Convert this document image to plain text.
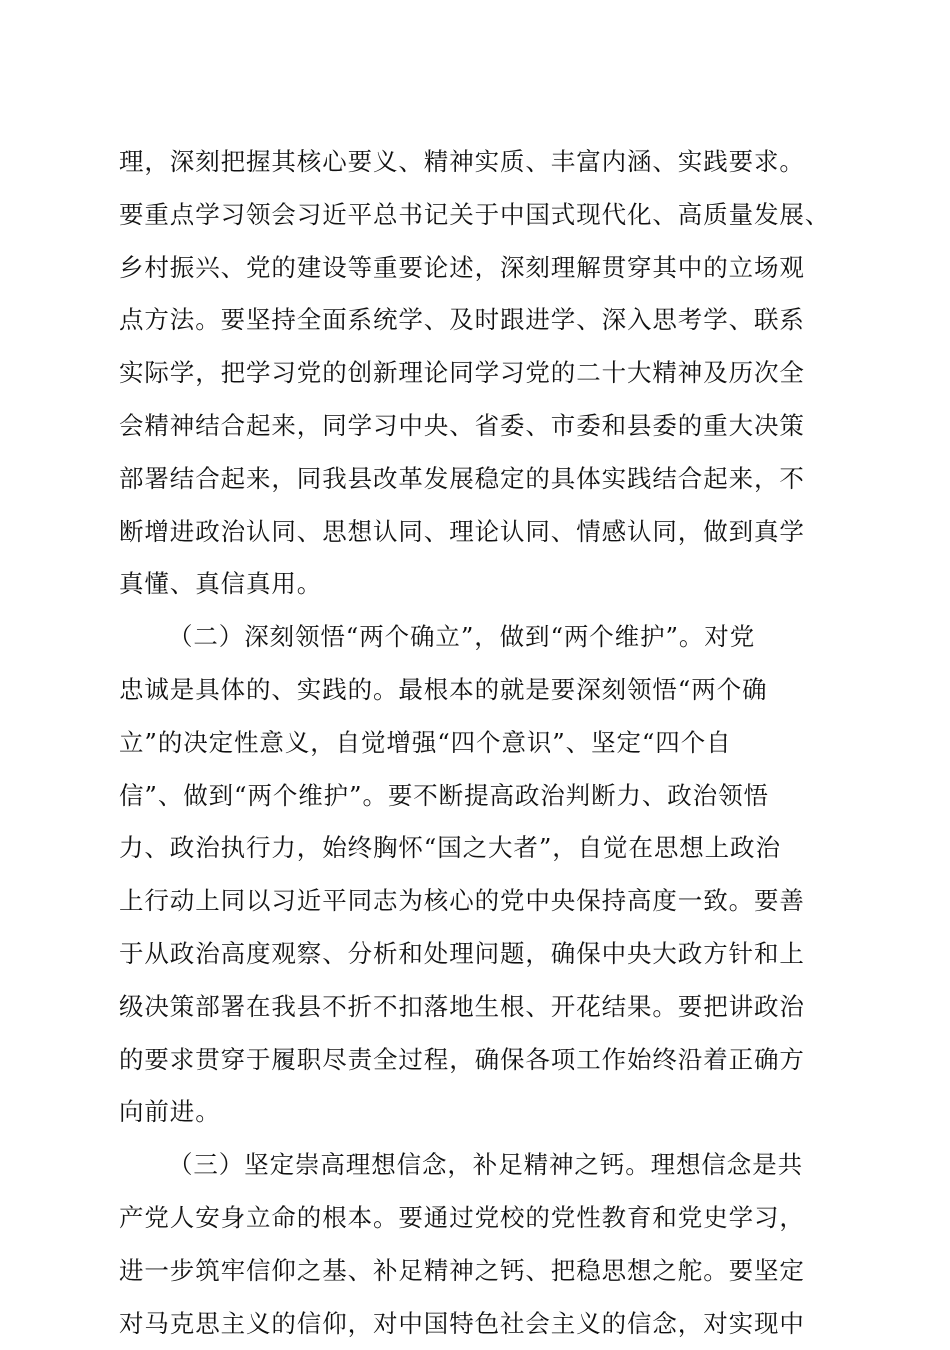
理，深刻把握其核心要义、精神实质、丰富内涵、实践要求。
要重点学习领会习近平总书记关于中国式现代化、高质量发展、
乡村振兴、党的建设等重要论述，深刻理解贯穿其中的立场观
点方法。要坚持全面系统学、及时跟进学、深入思考学、联系
实际学，把学习党的创新理论同学习党的二十大精神及历次全
会精神结合起来，同学习中央、省委、市委和县委的重大决策
部署结合起来，同我县改革发展稳定的具体实践结合起来，不
断增进政治认同、思想认同、理论认同、情感认同，做到真学
真懂、真信真用。
（二）深刻领悟“两个确立”，做到“两个维护”。对党
忠诚是具体的、实践的。最根本的就是要深刻领悟“两个确
立”的决定性意义，自觉增强“四个意识”、坚定“四个自
信”、做到“两个维护”。要不断提高政治判断力、政治领悟
力、政治执行力，始终胸怀“国之大者”，自觉在思想上政治
上行动上同以习近平同志为核心的党中央保持高度一致。要善
于从政治高度观察、分析和处理问题，确保中央大政方针和上
级决策部署在我县不折不扣落地生根、开花结果。要把讲政治
的要求贯穿于履职尽责全过程，确保各项工作始终沿着正确方
向前进。
（三）坚定崇高理想信念，补足精神之钙。理想信念是共
产党人安身立命的根本。要通过党校的党性教育和党史学习，
进一步筑牢信仰之基、补足精神之钙、把稳思想之舵。要坚定
对马克思主义的信仰，对中国特色社会主义的信念，对实现中
